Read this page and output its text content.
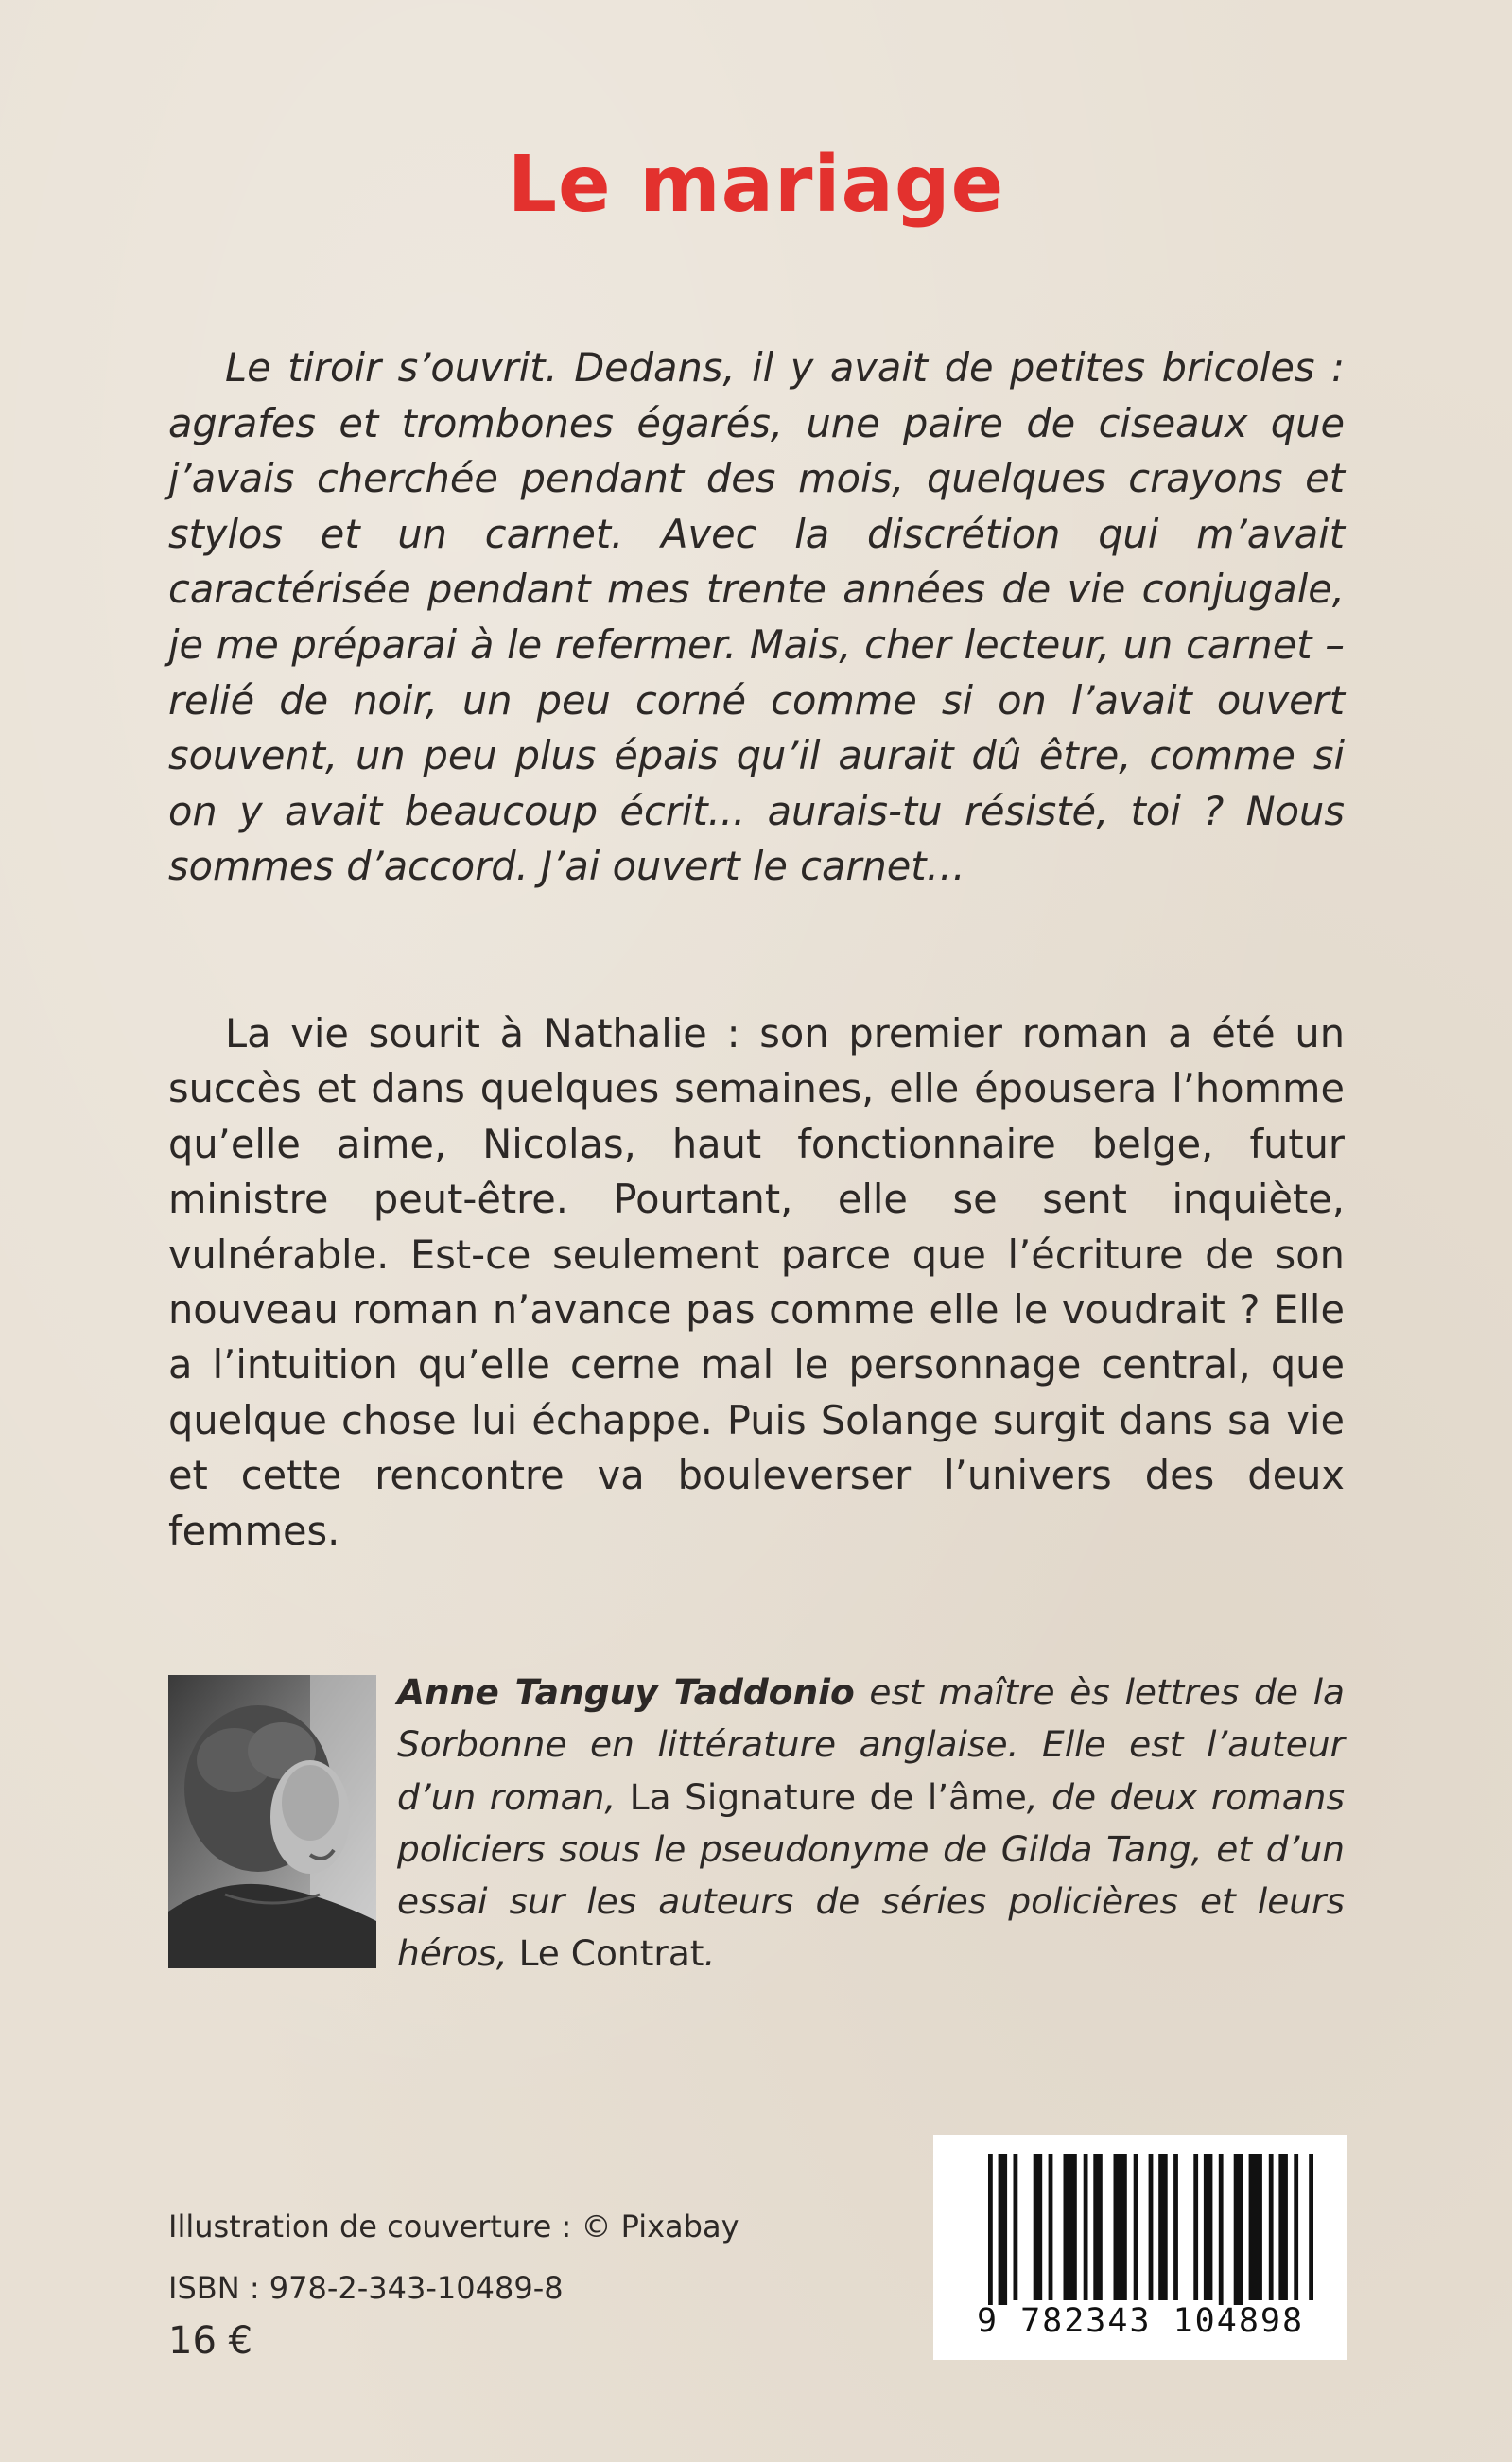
Le mariage

Le tiroir s’ouvrit. Dedans, il y avait de petites bricoles : agrafes et trombones égarés, une paire de ciseaux que j’avais cherchée pendant des mois, quelques crayons et stylos et un carnet. Avec la discrétion qui m’avait caractérisée pendant mes trente années de vie conjugale, je me préparai à le refermer. Mais, cher lecteur, un carnet – relié de noir, un peu corné comme si on l’avait ouvert souvent, un peu plus épais qu’il aurait dû être, comme si on y avait beaucoup écrit... aurais-tu résisté, toi ? Nous sommes d’accord. J’ai ouvert le carnet…

La vie sourit à Nathalie : son premier roman a été un succès et dans quelques semaines, elle épousera l’homme qu’elle aime, Nicolas, haut fonctionnaire belge, futur ministre peut-être. Pourtant, elle se sent inquiète, vulnérable. Est-ce seulement parce que l’écriture de son nouveau roman n’avance pas comme elle le voudrait ? Elle a l’intuition qu’elle cerne mal le personnage central, que quelque chose lui échappe. Puis Solange surgit dans sa vie et cette rencontre va bouleverser l’univers des deux femmes.

Anne Tanguy Taddonio est maître ès lettres de la Sorbonne en littérature anglaise. Elle est l’auteur d’un roman, La Signature de l’âme, de deux romans policiers sous le pseudonyme de Gilda Tang, et d’un essai sur les auteurs de séries policières et leurs héros, Le Contrat.

Illustration de couverture : © Pixabay
ISBN : 978-2-343-10489-8
16 €	9 782343 104898
